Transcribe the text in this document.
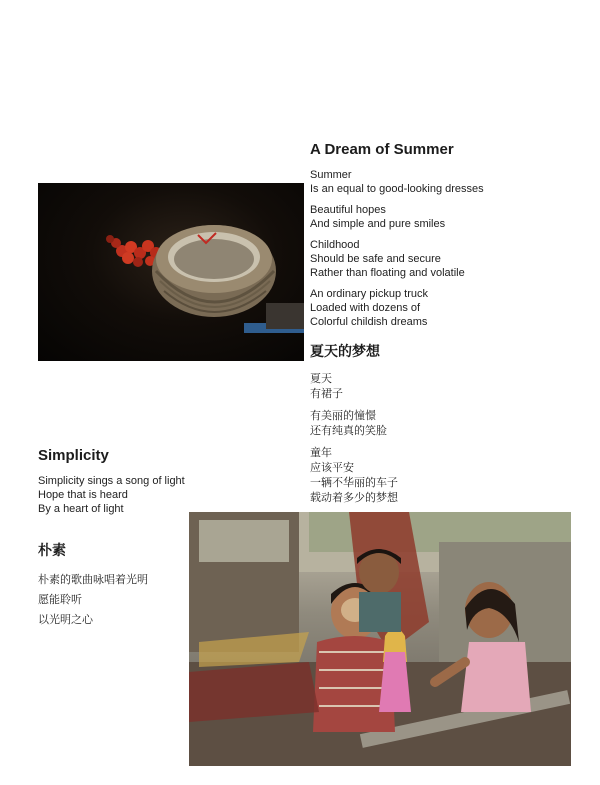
A Dream of Summer
Summer
Is an equal to good-looking dresses
Beautiful hopes
And simple and pure smiles
Childhood
Should be safe and secure
Rather than floating and volatile
An ordinary pickup truck
Loaded with dozens of
Colorful childish dreams
夏天的梦想
夏天
有裙子
有美丽的憧憬
还有纯真的笑脸
童年
应该平安
一辆不华丽的车子
载动着多少的梦想
Simplicity
Simplicity sings a song of light
Hope that is heard
By a heart of light
朴素
朴素的歌曲咏唱着光明
愿能聆听
以光明之心
